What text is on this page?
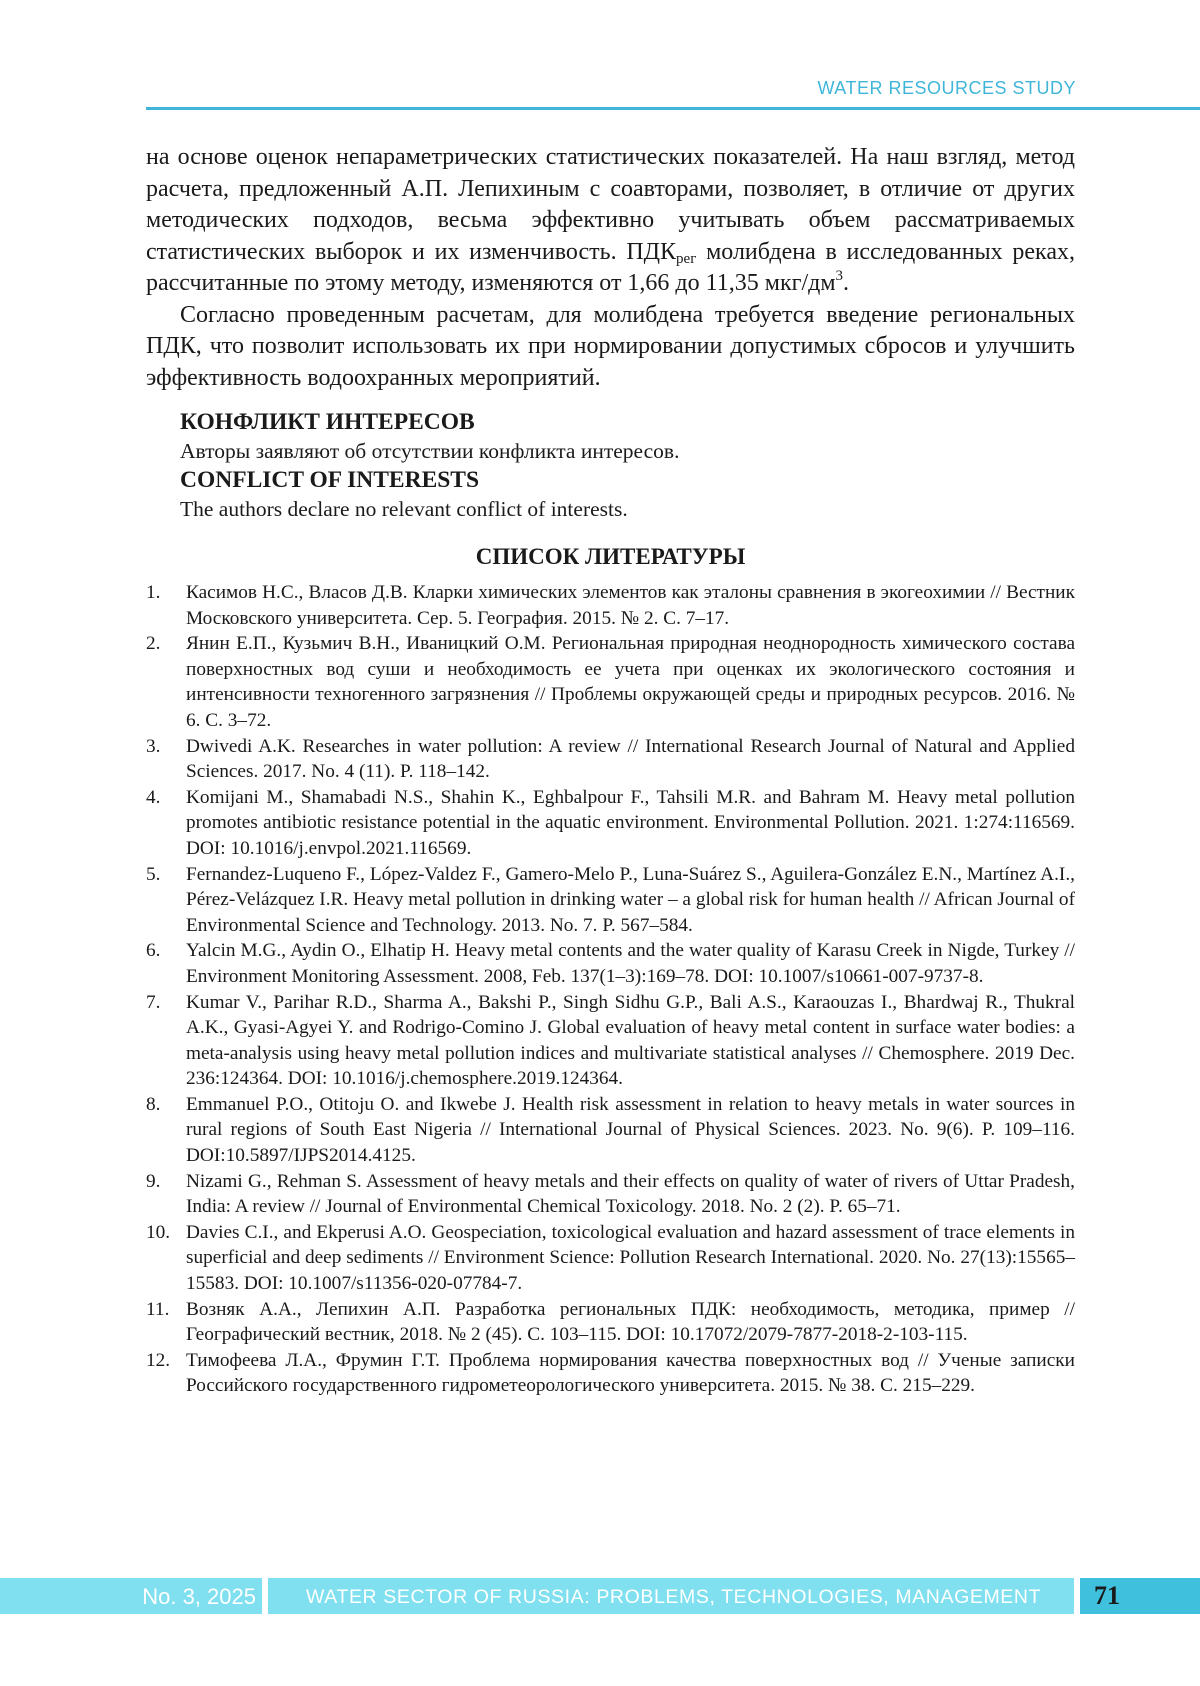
WATER RESOURCES STUDY

на основе оценок непараметрических статистических показателей. На наш взгляд, метод расчета, предложенный А.П. Лепихиным с соавторами, позволяет, в отличие от других методических подходов, весьма эффективно учитывать объем рассматриваемых статистических выборок и их изменчивость. $ПДК_{рег}$ молибдена в исследованных реках, рассчитанные по этому методу, изменяются от 1,66 до 11,35 мкг/$дм^3$.

Согласно проведенным расчетам, для молибдена требуется введение региональных ПДК, что позволит использовать их при нормировании допустимых сбросов и улучшить эффективность водоохранных мероприятий.

КОНФЛИКТ ИНТЕРЕСОВ

Авторы заявляют об отсутствии конфликта интересов.

CONFLICT OF INTERESTS

The authors declare no relevant conflict of interests.

СПИСОК ЛИТЕРАТУРЫ
1. Касимов Н.С., Власов Д.В. Кларки химических элементов как эталоны сравнения в экогеохимии // Вестник Московского университета. Сер. 5. География. 2015. № 2. С. 7–17.
2. Янин Е.П., Кузьмич В.Н., Иваницкий О.М. Региональная природная неоднородность химического состава поверхностных вод суши и необходимость ее учета при оценках их экологического состояния и интенсивности техногенного загрязнения // Проблемы окружающей среды и природных ресурсов. 2016. № 6. С. 3–72.
3. Dwivedi A.K. Researches in water pollution: A review // International Research Journal of Natural and Applied Sciences. 2017. No. 4 (11). P. 118–142.
4. Komijani M., Shamabadi N.S., Shahin K., Eghbalpour F., Tahsili M.R. and Bahram M. Heavy metal pollution promotes antibiotic resistance potential in the aquatic environment. Environmental Pollution. 2021. 1:274:116569. DOI: 10.1016/j.envpol.2021.116569.
5. Fernandez-Luqueno F., López-Valdez F., Gamero-Melo P., Luna-Suárez S., Aguilera-González E.N., Martínez A.I., Pérez-Velázquez I.R. Heavy metal pollution in drinking water – a global risk for human health // African Journal of Environmental Science and Technology. 2013. No. 7. P. 567–584.
6. Yalcin M.G., Aydin O., Elhatip H. Heavy metal contents and the water quality of Karasu Creek in Nigde, Turkey // Environment Monitoring Assessment. 2008, Feb. 137(1–3):169–78. DOI: 10.1007/s10661-007-9737-8.
7. Kumar V., Parihar R.D., Sharma A., Bakshi P., Singh Sidhu G.P., Bali A.S., Karaouzas I., Bhardwaj R., Thukral A.K., Gyasi-Agyei Y. and Rodrigo-Comino J. Global evaluation of heavy metal content in surface water bodies: a meta-analysis using heavy metal pollution indices and multivariate statistical analyses // Chemosphere. 2019 Dec. 236:124364. DOI: 10.1016/j.chemosphere.2019.124364.
8. Emmanuel P.O., Otitoju O. and Ikwebe J. Health risk assessment in relation to heavy metals in water sources in rural regions of South East Nigeria // International Journal of Physical Sciences. 2023. No. 9(6). P. 109–116. DOI:10.5897/IJPS2014.4125.
9. Nizami G., Rehman S. Assessment of heavy metals and their effects on quality of water of rivers of Uttar Pradesh, India: A review // Journal of Environmental Chemical Toxicology. 2018. No. 2 (2). P. 65–71.
10. Davies C.I., and Ekperusi A.O. Geospeciation, toxicological evaluation and hazard assessment of trace elements in superficial and deep sediments // Environment Science: Pollution Research International. 2020. No. 27(13):15565–15583. DOI: 10.1007/s11356-020-07784-7.
11. Возняк А.А., Лепихин А.П. Разработка региональных ПДК: необходимость, методика, пример // Географический вестник, 2018. № 2 (45). С. 103–115. DOI: 10.17072/2079-7877-2018-2-103-115.
12. Тимофеева Л.А., Фрумин Г.Т. Проблема нормирования качества поверхностных вод // Ученые записки Российского государственного гидрометеорологического университета. 2015. № 38. С. 215–229.
No. 3, 2025	WATER SECTOR OF RUSSIA: PROBLEMS, TECHNOLOGIES, MANAGEMENT	71
